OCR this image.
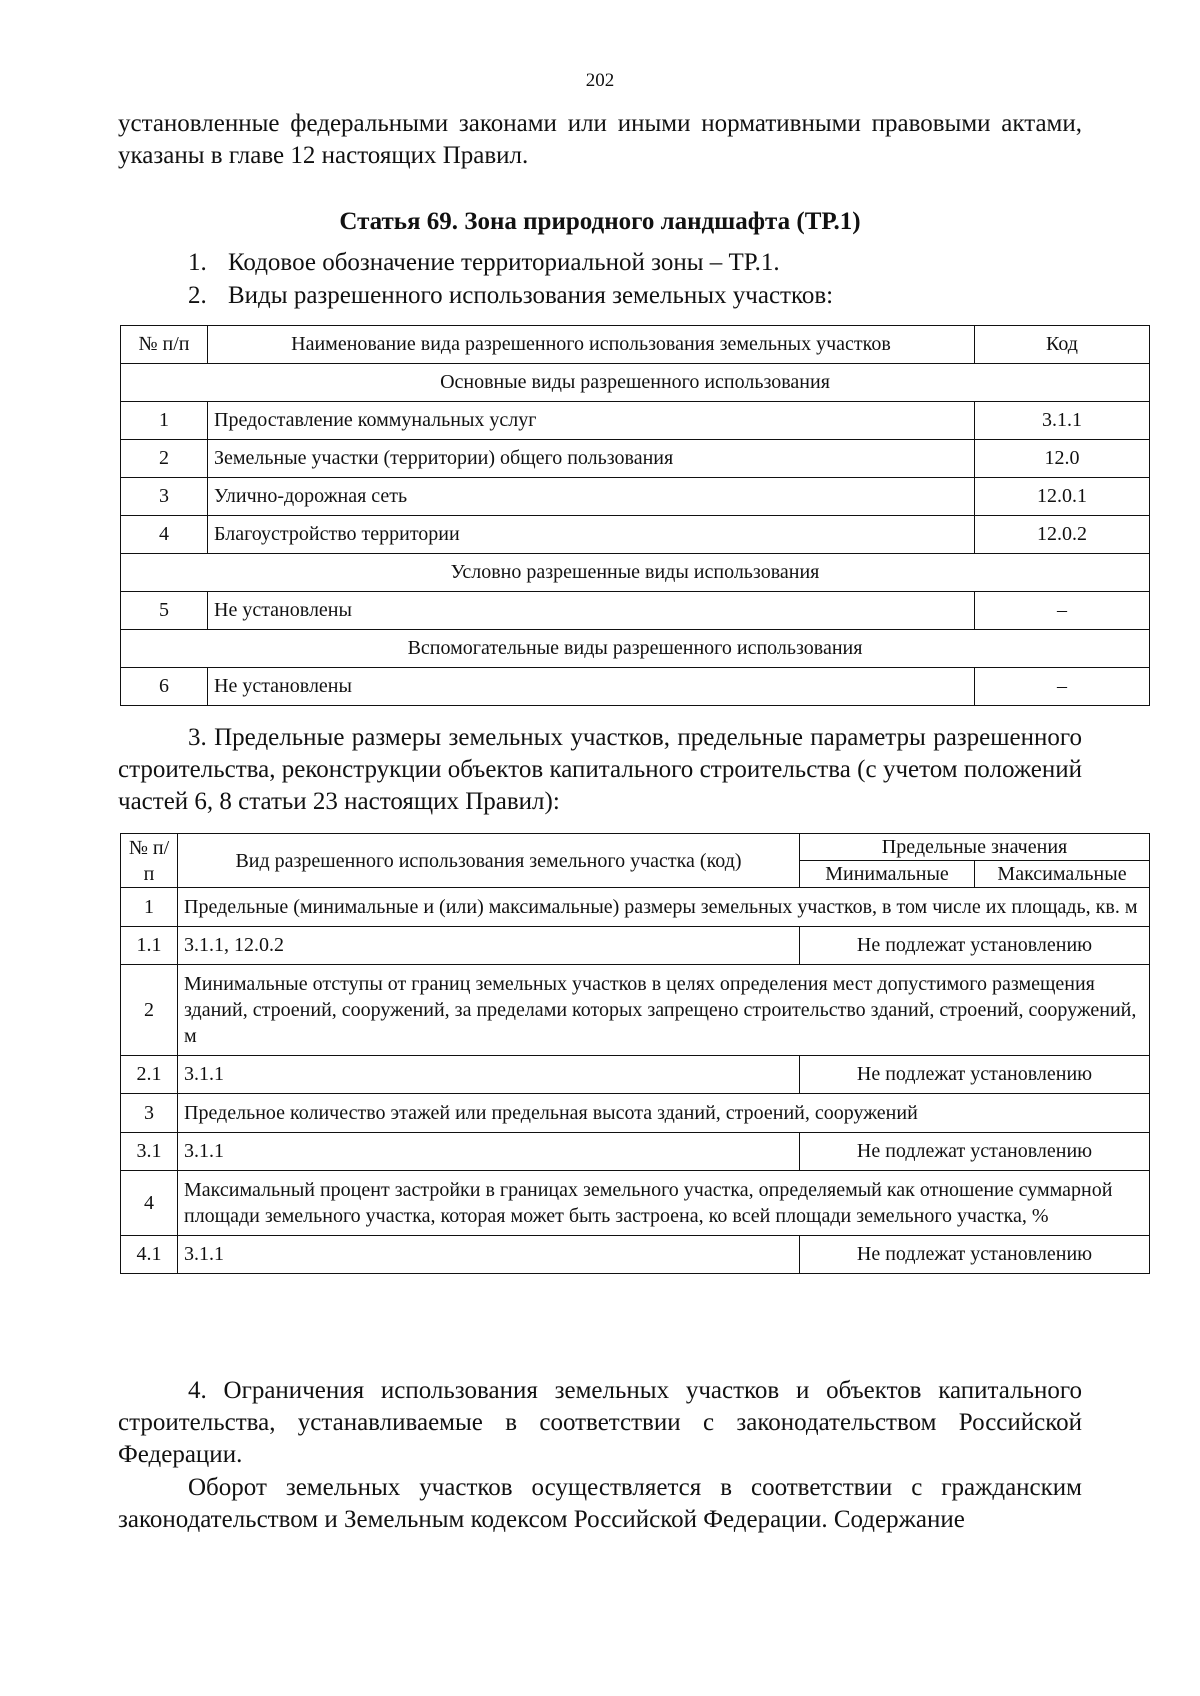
202

установленные федеральными законами или иными нормативными правовыми актами, указаны в главе 12 настоящих Правил.

Статья 69. Зона природного ландшафта (ТР.1)
1. Кодовое обозначение территориальной зоны – ТР.1.
2. Виды разрешенного использования земельных участков:
№ п/п	Наименование вида разрешенного использования земельных участков	Код
Основные виды разрешенного использования		
1	Предоставление коммунальных услуг	3.1.1
2	Земельные участки (территории) общего пользования	12.0
3	Улично-дорожная сеть	12.0.1
4	Благоустройство территории	12.0.2
Условно разрешенные виды использования		
5	Не установлены	–
Вспомогательные виды разрешенного использования		
6	Не установлены	–

3. Предельные размеры земельных участков, предельные параметры разрешенного строительства, реконструкции объектов капитального строительства (с учетом положений частей 6, 8 статьи 23 настоящих Правил):

№ п/п	Вид разрешенного использования земельного участка (код)	Предельные значения	
		Минимальные	Максимальные
1	Предельные (минимальные и (или) максимальные) размеры земельных участков, в том числе их площадь, кв. м		
1.1	3.1.1, 12.0.2	Не подлежат установлению	
2	Минимальные отступы от границ земельных участков в целях определения мест допустимого размещения зданий, строений, сооружений, за пределами которых запрещено строительство зданий, строений, сооружений, м		
2.1	3.1.1	Не подлежат установлению	
3	Предельное количество этажей или предельная высота зданий, строений, сооружений		
3.1	3.1.1	Не подлежат установлению	
4	Максимальный процент застройки в границах земельного участка, определяемый как отношение суммарной площади земельного участка, которая может быть застроена, ко всей площади земельного участка, %		
4.1	3.1.1	Не подлежат установлению	

4. Ограничения использования земельных участков и объектов капитального строительства, устанавливаемые в соответствии с законодательством Российской Федерации.

Оборот земельных участков осуществляется в соответствии с гражданским законодательством и Земельным кодексом Российской Федерации. Содержание
